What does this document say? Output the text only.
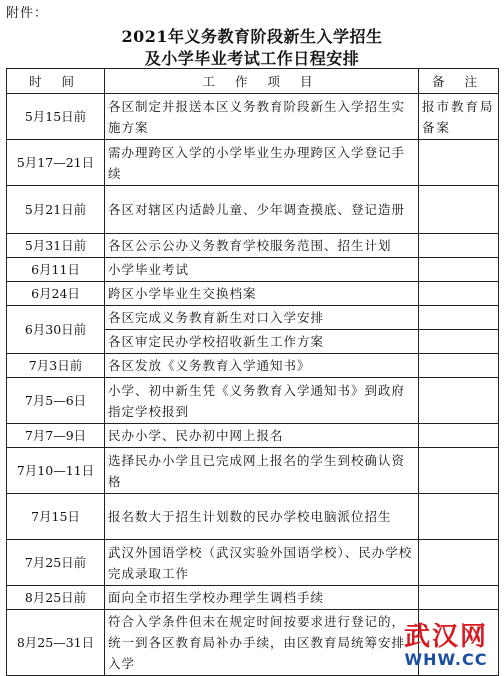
附件：
2021年义务教育阶段新生入学招生
及小学毕业考试工作日程安排
时 间	工 作 项 目	备 注
5月15日前	各区制定并报送本区义务教育阶段新生入学招生实施方案	报市教育局备案
5月17—21日	需办理跨区入学的小学毕业生办理跨区入学登记手续	
5月21日前	各区对辖区内适龄儿童、少年调查摸底、登记造册	
5月31日前	各区公示公办义务教育学校服务范围、招生计划	
6月11日	小学毕业考试	
6月24日	跨区小学毕业生交换档案	
6月30日前	各区完成义务教育新生对口入学安排	
	各区审定民办学校招收新生工作方案	
7月3日前	各区发放《义务教育入学通知书》	
7月5—6日	小学、初中新生凭《义务教育入学通知书》到政府指定学校报到	
7月7—9日	民办小学、民办初中网上报名	
7月10—11日	选择民办小学且已完成网上报名的学生到校确认资格	
7月15日	报名数大于招生计划数的民办学校电脑派位招生	
7月25日前	武汉外国语学校（武汉实验外国语学校）、民办学校完成录取工作	
8月25日前	面向全市招生学校办理学生调档手续	
8月25—31日	符合入学条件但未在规定时间按要求进行登记的，统一到各区教育局补办手续，由区教育局统筹安排入学	
武汉网
WHW.CC
